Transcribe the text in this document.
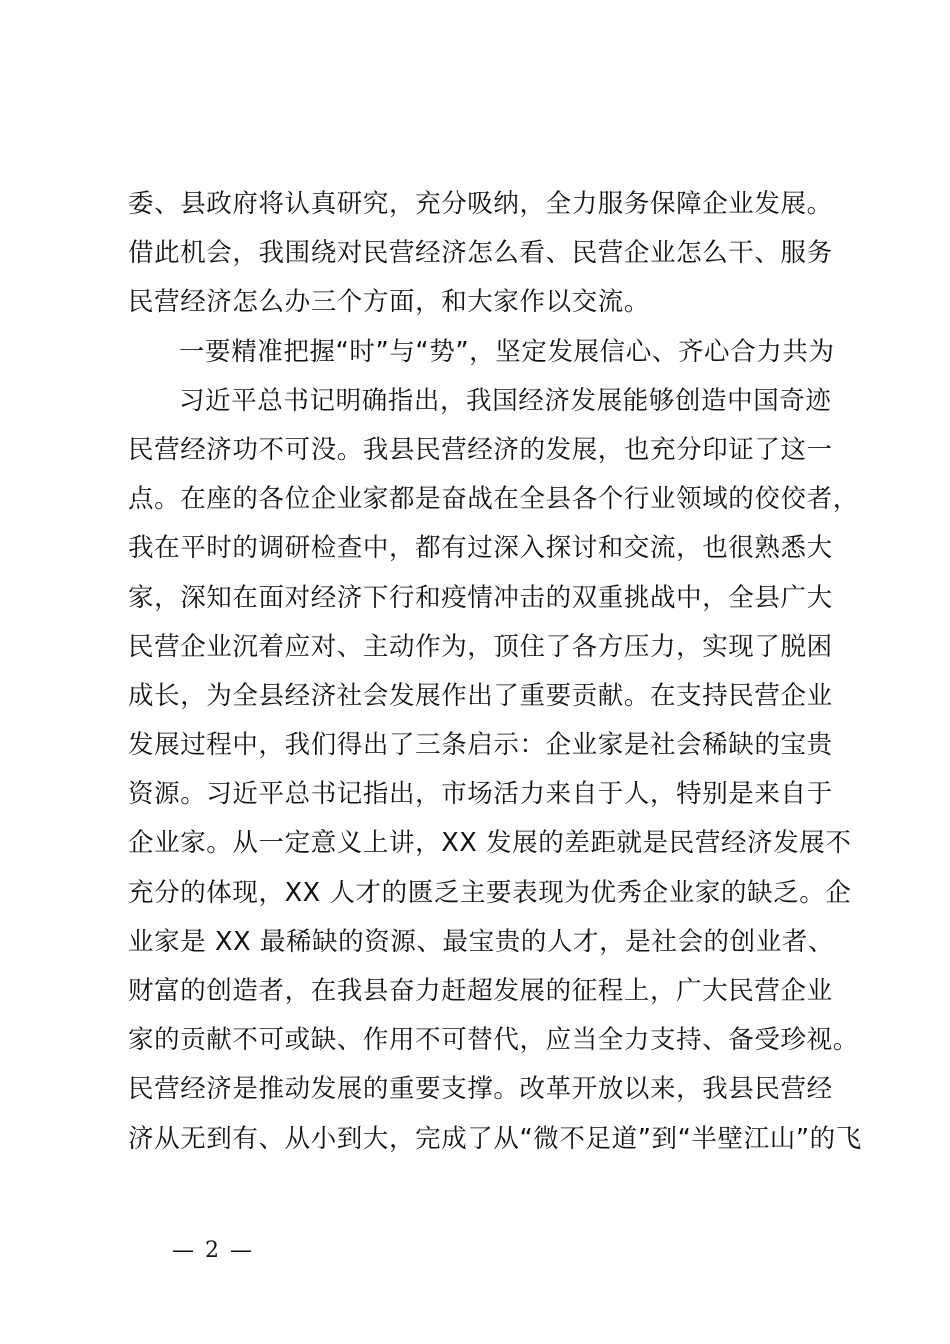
委、县政府将认真研究，充分吸纳，全力服务保障企业发展。
借此机会，我围绕对民营经济怎么看、民营企业怎么干、服务
民营经济怎么办三个方面，和大家作以交流。
一要精准把握“时”与“势”，坚定发展信心、齐心合力共为
习近平总书记明确指出，我国经济发展能够创造中国奇迹
民营经济功不可没。我县民营经济的发展，也充分印证了这一
点。在座的各位企业家都是奋战在全县各个行业领域的佼佼者，
我在平时的调研检查中，都有过深入探讨和交流，也很熟悉大
家，深知在面对经济下行和疫情冲击的双重挑战中，全县广大
民营企业沉着应对、主动作为，顶住了各方压力，实现了脱困
成长，为全县经济社会发展作出了重要贡献。在支持民营企业
发展过程中，我们得出了三条启示：企业家是社会稀缺的宝贵
资源。习近平总书记指出，市场活力来自于人，特别是来自于
企业家。从一定意义上讲，XX 发展的差距就是民营经济发展不
充分的体现，XX 人才的匮乏主要表现为优秀企业家的缺乏。企
业家是 XX 最稀缺的资源、最宝贵的人才，是社会的创业者、
财富的创造者，在我县奋力赶超发展的征程上，广大民营企业
家的贡献不可或缺、作用不可替代，应当全力支持、备受珍视。
民营经济是推动发展的重要支撑。改革开放以来，我县民营经
济从无到有、从小到大，完成了从“微不足道”到“半壁江山”的飞
— 2 —
